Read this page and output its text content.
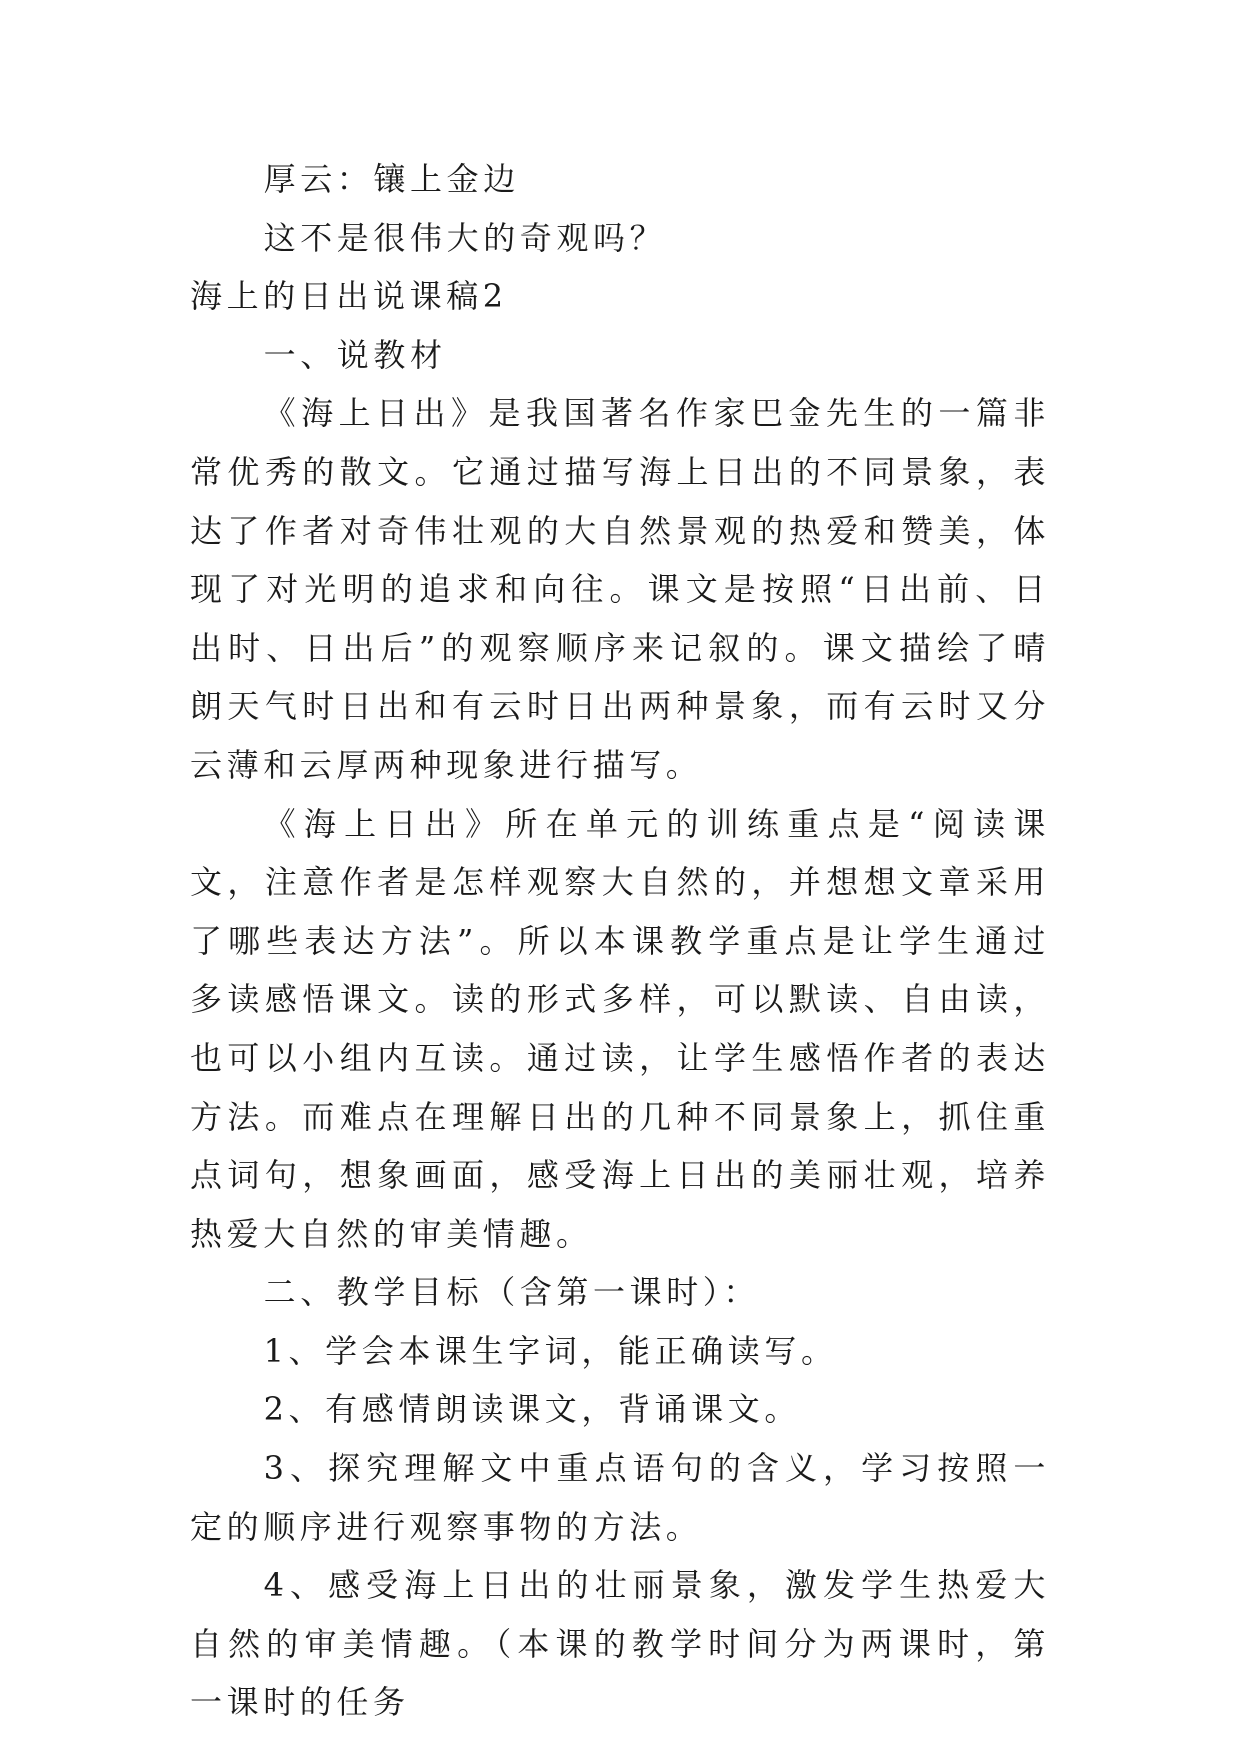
厚云：镶上金边

这不是很伟大的奇观吗？

海上的日出说课稿2

一、说教材

《海上日出》是我国著名作家巴金先生的一篇非常优秀的散文。它通过描写海上日出的不同景象，表达了作者对奇伟壮观的大自然景观的热爱和赞美，体现了对光明的追求和向往。课文是按照“日出前、日出时、日出后”的观察顺序来记叙的。课文描绘了晴朗天气时日出和有云时日出两种景象，而有云时又分云薄和云厚两种现象进行描写。

《海上日出》所在单元的训练重点是“阅读课文，注意作者是怎样观察大自然的，并想想文章采用了哪些表达方法”。所以本课教学重点是让学生通过多读感悟课文。读的形式多样，可以默读、自由读，也可以小组内互读。通过读，让学生感悟作者的表达方法。而难点在理解日出的几种不同景象上，抓住重点词句，想象画面，感受海上日出的美丽壮观，培养热爱大自然的审美情趣。

二、教学目标（含第一课时）：

1、学会本课生字词，能正确读写。

2、有感情朗读课文，背诵课文。

3、探究理解文中重点语句的含义，学习按照一定的顺序进行观察事物的方法。

4、感受海上日出的壮丽景象，激发学生热爱大自然的审美情趣。（本课的教学时间分为两课时，第一课时的任务
